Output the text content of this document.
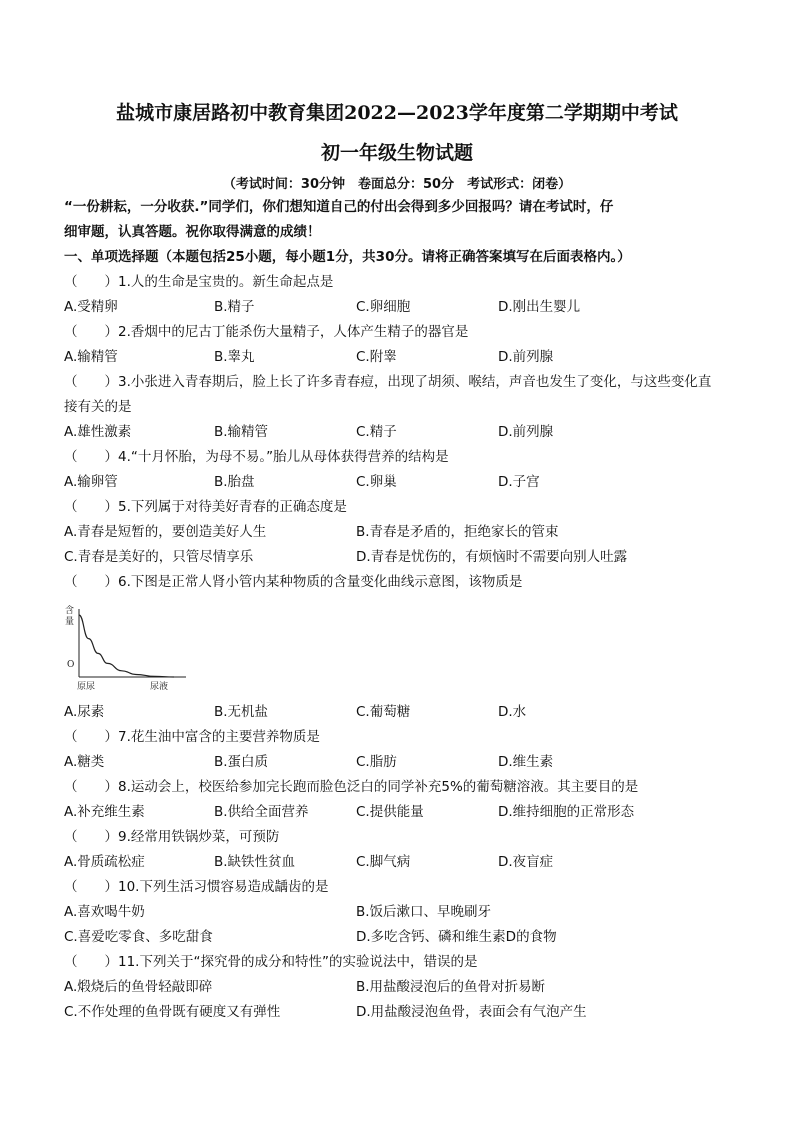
盐城市康居路初中教育集团2022—2023学年度第二学期期中考试
初一年级生物试题
（考试时间：30分钟　卷面总分：50分　考试形式：闭卷）
“一份耕耘，一分收获.”同学们，你们想知道自己的付出会得到多少回报吗？请在考试时，仔
细审题，认真答题。祝你取得满意的成绩！
一、单项选择题（本题包括25小题，每小题1分，共30分。请将正确答案填写在后面表格内。）
（　　）1.人的生命是宝贵的。新生命起点是
A.受精卵	B.精子	C.卵细胞	D.刚出生婴儿
（　　）2.香烟中的尼古丁能杀伤大量精子，人体产生精子的器官是
A.输精管	B.睾丸	C.附睾	D.前列腺
（　　）3.小张进入青春期后，脸上长了许多青春痘，出现了胡须、喉结，声音也发生了变化，与这些变化直
接有关的是
A.雄性激素	B.输精管	C.精子	D.前列腺
（　　）4.“十月怀胎，为母不易。”胎儿从母体获得营养的结构是
A.输卵管	B.胎盘	C.卵巢	D.子宫
（　　）5.下列属于对待美好青春的正确态度是
A.青春是短暂的，要创造美好人生	B.青春是矛盾的，拒绝家长的管束
C.青春是美好的，只管尽情享乐	D.青春是忧伤的，有烦恼时不需要向别人吐露
（　　）6.下图是正常人肾小管内某种物质的含量变化曲线示意图，该物质是
含
量
O
原尿	尿液
A.尿素	B.无机盐	C.葡萄糖	D.水
（　　）7.花生油中富含的主要营养物质是
A.糖类	B.蛋白质	C.脂肪	D.维生素
（　　）8.运动会上，校医给参加完长跑而脸色泛白的同学补充5%的葡萄糖溶液。其主要目的是
A.补充维生素	B.供给全面营养	C.提供能量	D.维持细胞的正常形态
（　　）9.经常用铁锅炒菜，可预防
A.骨质疏松症	B.缺铁性贫血	C.脚气病	D.夜盲症
（　　）10.下列生活习惯容易造成龋齿的是
A.喜欢喝牛奶	B.饭后漱口、早晚刷牙
C.喜爱吃零食、多吃甜食	D.多吃含钙、磷和维生素D的食物
（　　）11.下列关于“探究骨的成分和特性”的实验说法中，错误的是
A.煅烧后的鱼骨轻敲即碎	B.用盐酸浸泡后的鱼骨对折易断
C.不作处理的鱼骨既有硬度又有弹性	D.用盐酸浸泡鱼骨，表面会有气泡产生
